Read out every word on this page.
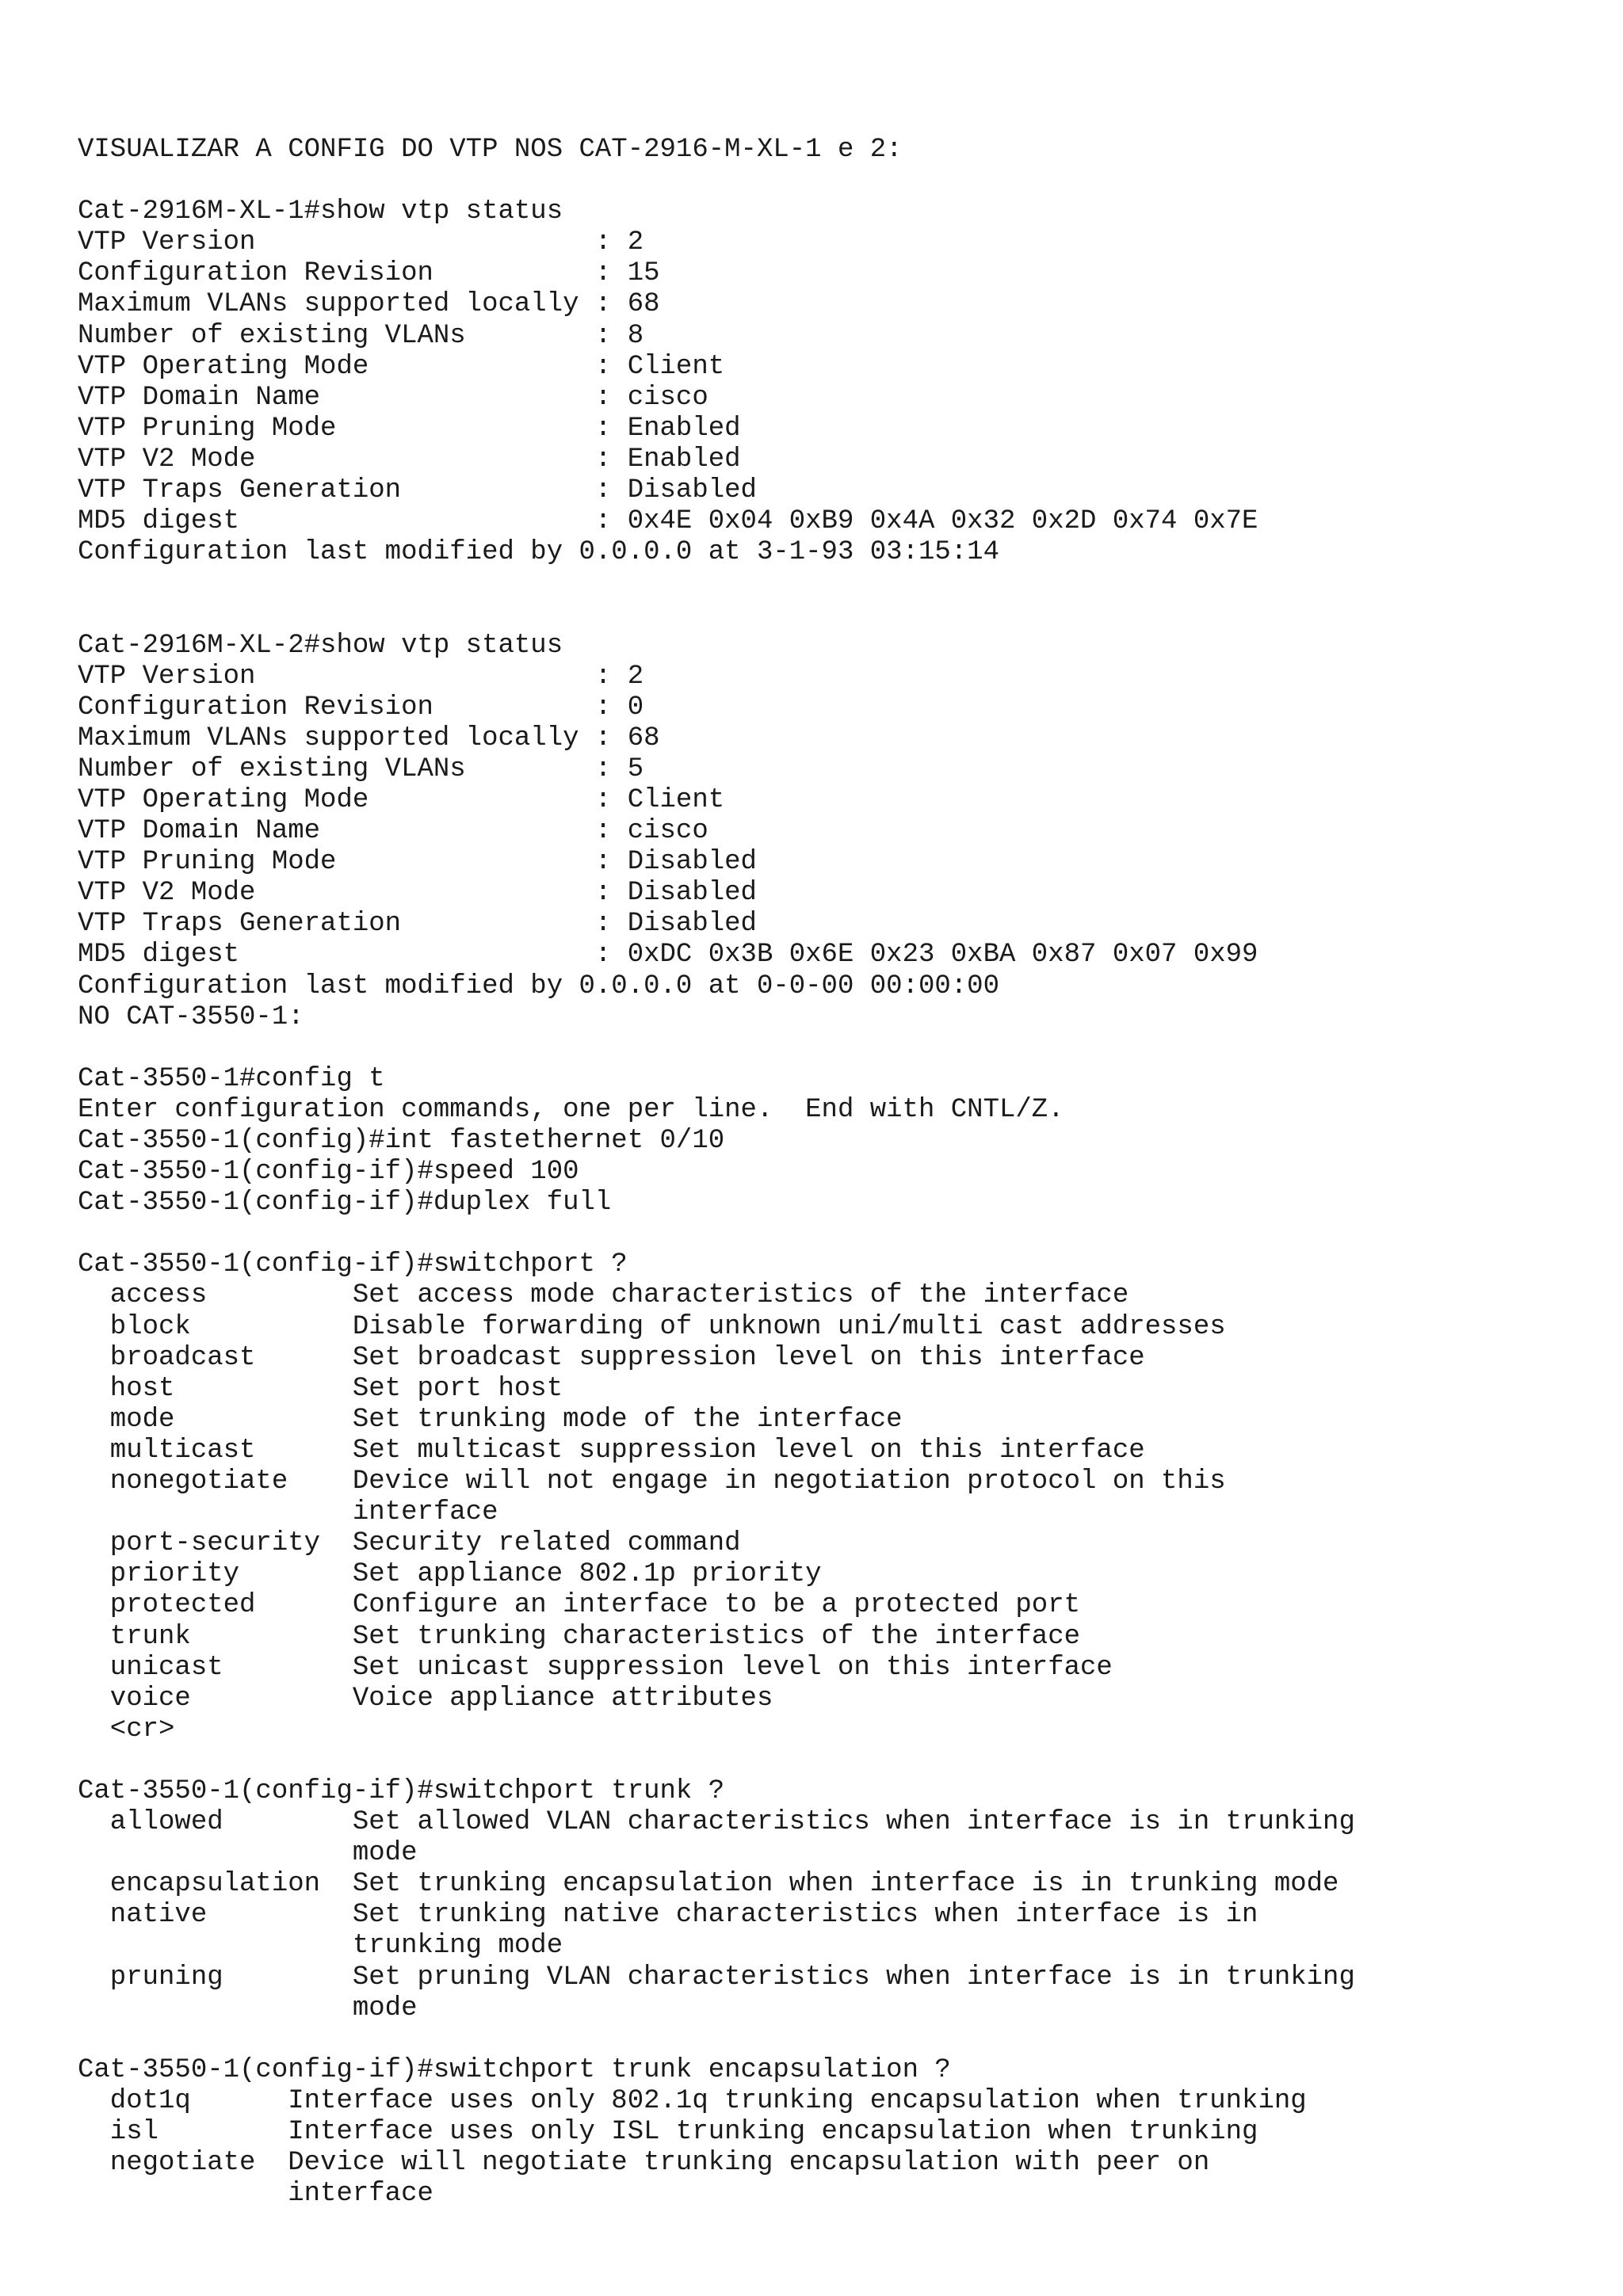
VISUALIZAR A CONFIG DO VTP NOS CAT-2916-M-XL-1 e 2:
Cat-2916M-XL-1#show vtp status
VTP Version                     : 2
Configuration Revision          : 15
Maximum VLANs supported locally : 68
Number of existing VLANs        : 8
VTP Operating Mode              : Client
VTP Domain Name                 : cisco
VTP Pruning Mode                : Enabled
VTP V2 Mode                     : Enabled
VTP Traps Generation            : Disabled
MD5 digest                      : 0x4E 0x04 0xB9 0x4A 0x32 0x2D 0x74 0x7E
Configuration last modified by 0.0.0.0 at 3-1-93 03:15:14
Cat-2916M-XL-2#show vtp status
VTP Version                     : 2
Configuration Revision          : 0
Maximum VLANs supported locally : 68
Number of existing VLANs        : 5
VTP Operating Mode              : Client
VTP Domain Name                 : cisco
VTP Pruning Mode                : Disabled
VTP V2 Mode                     : Disabled
VTP Traps Generation            : Disabled
MD5 digest                      : 0xDC 0x3B 0x6E 0x23 0xBA 0x87 0x07 0x99
Configuration last modified by 0.0.0.0 at 0-0-00 00:00:00
NO CAT-3550-1:
Cat-3550-1#config t
Enter configuration commands, one per line.  End with CNTL/Z.
Cat-3550-1(config)#int fastethernet 0/10
Cat-3550-1(config-if)#speed 100
Cat-3550-1(config-if)#duplex full
Cat-3550-1(config-if)#switchport ?
access         Set access mode characteristics of the interface
block          Disable forwarding of unknown uni/multi cast addresses
broadcast      Set broadcast suppression level on this interface
host           Set port host
mode           Set trunking mode of the interface
multicast      Set multicast suppression level on this interface
nonegotiate    Device will not engage in negotiation protocol on this
interface
port-security  Security related command
priority       Set appliance 802.1p priority
protected      Configure an interface to be a protected port
trunk          Set trunking characteristics of the interface
unicast        Set unicast suppression level on this interface
voice          Voice appliance attributes
<cr>
Cat-3550-1(config-if)#switchport trunk ?
allowed        Set allowed VLAN characteristics when interface is in trunking
mode
encapsulation  Set trunking encapsulation when interface is in trunking mode
native         Set trunking native characteristics when interface is in
trunking mode
pruning        Set pruning VLAN characteristics when interface is in trunking
mode
Cat-3550-1(config-if)#switchport trunk encapsulation ?
dot1q      Interface uses only 802.1q trunking encapsulation when trunking
isl        Interface uses only ISL trunking encapsulation when trunking
negotiate  Device will negotiate trunking encapsulation with peer on
interface
